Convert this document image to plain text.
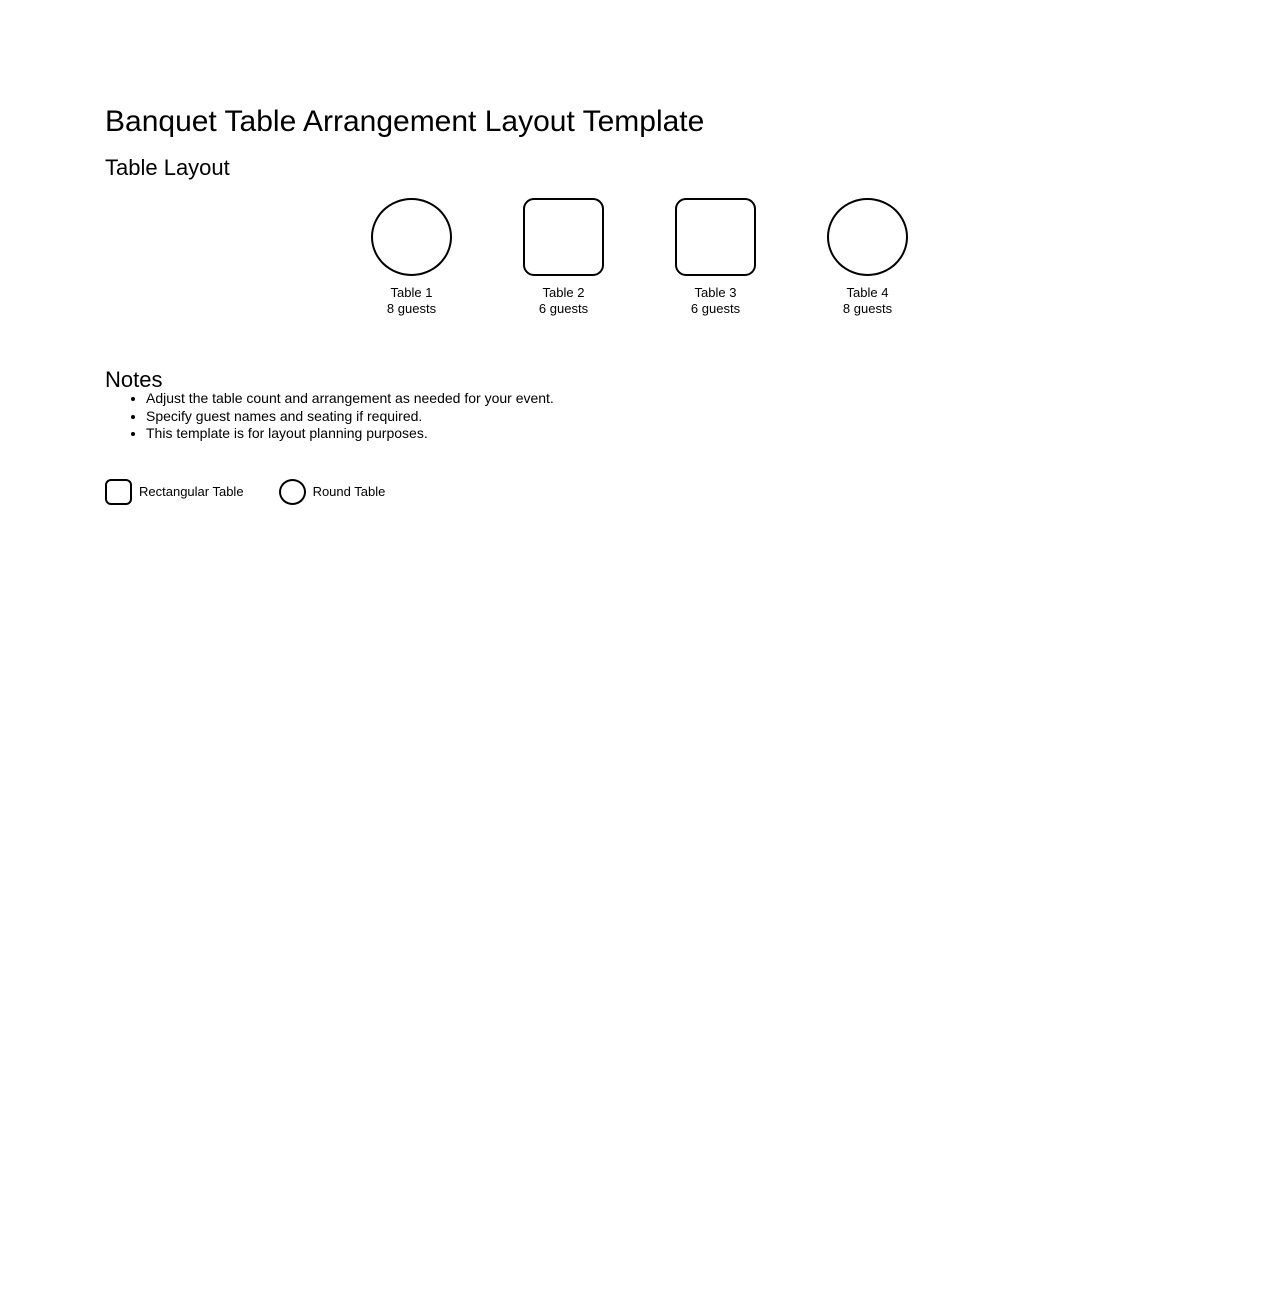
Banquet Table Arrangement Layout Template
Table Layout
Table 1
8 guests
Table 2
6 guests
Table 3
6 guests
Table 4
8 guests
Notes
• Adjust the table count and arrangement as needed for your event.
• Specify guest names and seating if required.
• This template is for layout planning purposes.
Rectangular Table	Round Table
